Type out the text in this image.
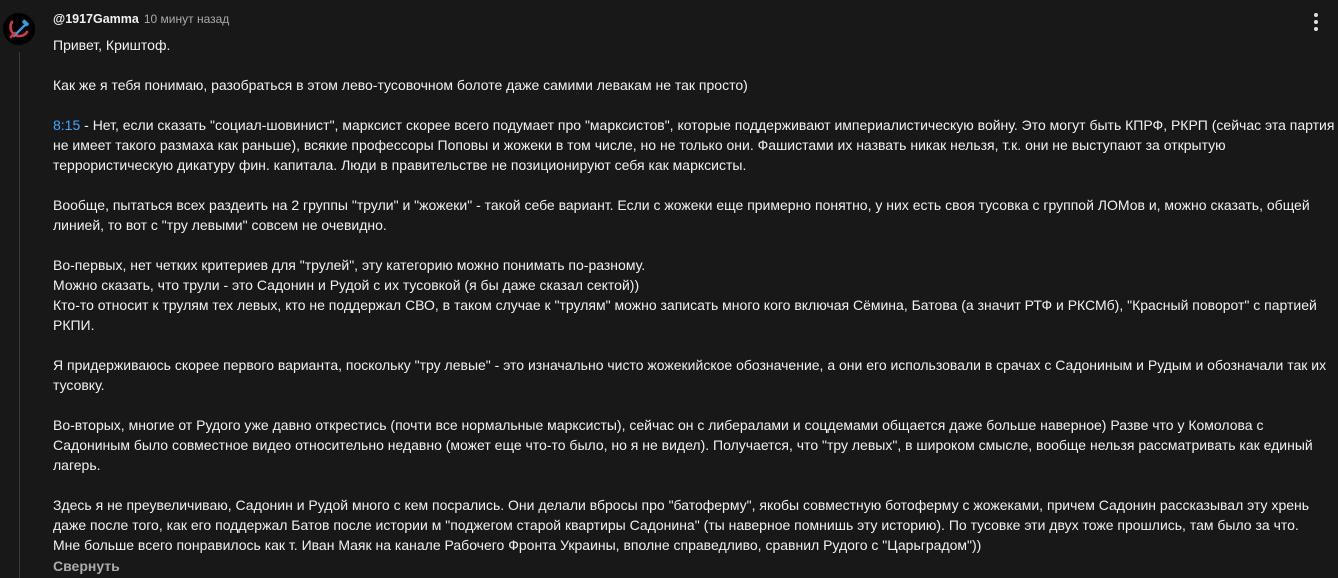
@1917Gamma 10 минут назад
Привет, Криштоф.

Как же я тебя понимаю, разобраться в этом лево-тусовочном болоте даже самими левакам не так просто)

8:15 - Нет, если сказать "социал-шовинист", марксист скорее всего подумает про "марксистов", которые поддерживают империалистическую войну. Это могут быть КПРФ, РКРП (сейчас эта партия не имеет такого размаха как раньше), всякие профессоры Поповы и жожеки в том числе, но не только они. Фашистами их назвать никак нельзя, т.к. они не выступают за открытую террористическую дикатуру фин. капитала. Люди в правительстве не позиционируют себя как марксисты.

Вообще, пытаться всех раздеить на 2 группы "трули" и "жожеки" - такой себе вариант. Если с жожеки еще примерно понятно, у них есть своя тусовка с группой ЛОМов и, можно сказать, общей линией, то вот с "тру левыми" совсем не очевидно.

Во-первых, нет четких критериев для "трулей", эту категорию можно понимать по-разному.
Можно сказать, что трули - это Садонин и Рудой с их тусовкой (я бы даже сказал сектой))
Кто-то относит к трулям тех левых, кто не поддержал СВО, в таком случае к "трулям" можно записать много кого включая Сёмина, Батова (а значит РТФ и РКСМб), "Красный поворот" с партией РКПИ.

Я придерживаюсь скорее первого варианта, поскольку "тру левые" - это изначально чисто жожекийское обозначение, а они его использовали в срачах с Садониным и Рудым и обозначали так их тусовку.

Во-вторых, многие от Рудого уже давно открестись (почти все нормальные марксисты), сейчас он с либералами и соцдемами общается даже больше наверное) Разве что у Комолова с Садониным было совместное видео относительно недавно (может еще что-то было, но я не видел). Получается, что "тру левых", в широком смысле, вообще нельзя рассматривать как единый лагерь.

Здесь я не преувеличиваю, Садонин и Рудой много с кем посрались. Они делали вбросы про "батоферму", якобы совместную ботоферму с жожеками, причем Садонин рассказывал эту хрень даже после того, как его поддержал Батов после истории м "поджегом старой квартиры Садонина" (ты наверное помнишь эту историю). По тусовке эти двух тоже прошлись, там было за что.
Мне больше всего понравилось как т. Иван Маяк на канале Рабочего Фронта Украины, вполне справедливо, сравнил Рудого с "Царьградом"))
Свернуть
